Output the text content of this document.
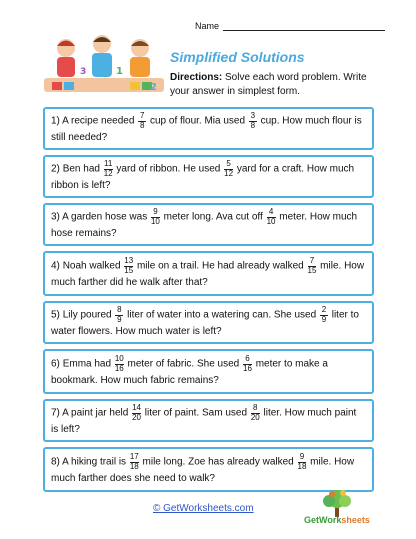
Name
1
2
3
Simplified Solutions
Directions: Solve each word problem. Write your answer in simplest form.
1) A recipe needed $\frac{7}{8}$ cup of flour. Mia used $\frac{3}{8}$ cup. How much flour is still needed?
2) Ben had $\frac{11}{12}$ yard of ribbon. He used $\frac{5}{12}$ yard for a craft. How much ribbon is left?
3) A garden hose was $\frac{9}{10}$ meter long. Ava cut off $\frac{4}{10}$ meter. How much hose remains?
4) Noah walked $\frac{13}{15}$ mile on a trail. He had already walked $\frac{7}{15}$ mile. How much farther did he walk after that?
5) Lily poured $\frac{8}{9}$ liter of water into a watering can. She used $\frac{2}{9}$ liter to water flowers. How much water is left?
6) Emma had $\frac{10}{16}$ meter of fabric. She used $\frac{6}{16}$ meter to make a bookmark. How much fabric remains?
7) A paint jar held $\frac{14}{20}$ liter of paint. Sam used $\frac{8}{20}$ liter. How much paint is left?
8) A hiking trail is $\frac{17}{18}$ mile long. Zoe has already walked $\frac{9}{18}$ mile. How much farther does she need to walk?
© GetWorksheets.com
GetWorksheets
